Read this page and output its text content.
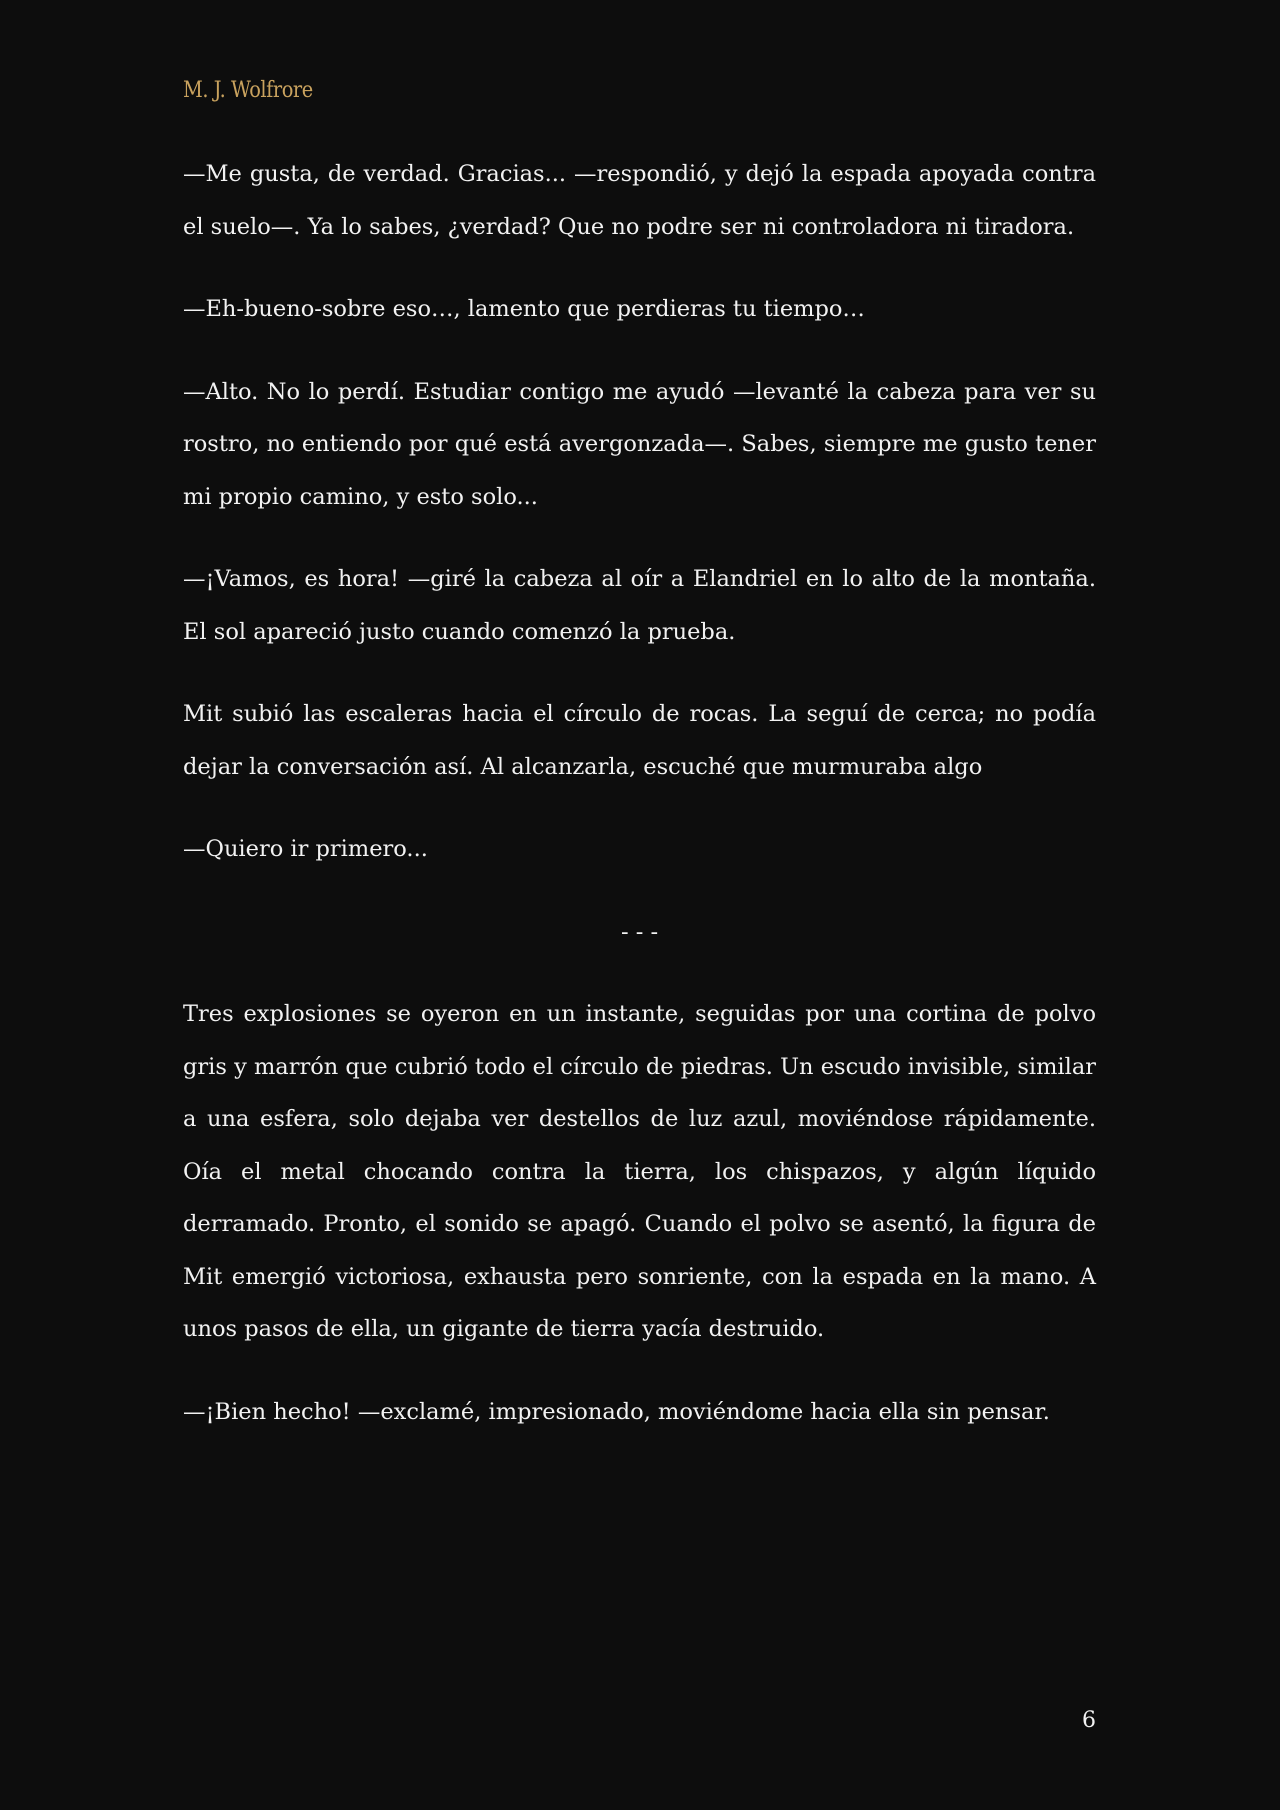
M. J. Wolfrore

—Me gusta, de verdad. Gracias... —respondió, y dejó la espada apoyada contra el suelo—. Ya lo sabes, ¿verdad? Que no podre ser ni controladora ni tiradora.

—Eh-bueno-sobre eso…, lamento que perdieras tu tiempo…

—Alto. No lo perdí. Estudiar contigo me ayudó —levanté la cabeza para ver su rostro, no entiendo por qué está avergonzada—. Sabes, siempre me gusto tener mi propio camino, y esto solo...

—¡Vamos, es hora! —giré la cabeza al oír a Elandriel en lo alto de la montaña. El sol apareció justo cuando comenzó la prueba.

Mit subió las escaleras hacia el círculo de rocas. La seguí de cerca; no podía dejar la conversación así. Al alcanzarla, escuché que murmuraba algo

—Quiero ir primero...

- - -

Tres explosiones se oyeron en un instante, seguidas por una cortina de polvo gris y marrón que cubrió todo el círculo de piedras. Un escudo invisible, similar a una esfera, solo dejaba ver destellos de luz azul, moviéndose rápidamente. Oía el metal chocando contra la tierra, los chispazos, y algún líquido derramado. Pronto, el sonido se apagó. Cuando el polvo se asentó, la figura de Mit emergió victoriosa, exhausta pero sonriente, con la espada en la mano. A unos pasos de ella, un gigante de tierra yacía destruido.

—¡Bien hecho! —exclamé, impresionado, moviéndome hacia ella sin pensar.

6
